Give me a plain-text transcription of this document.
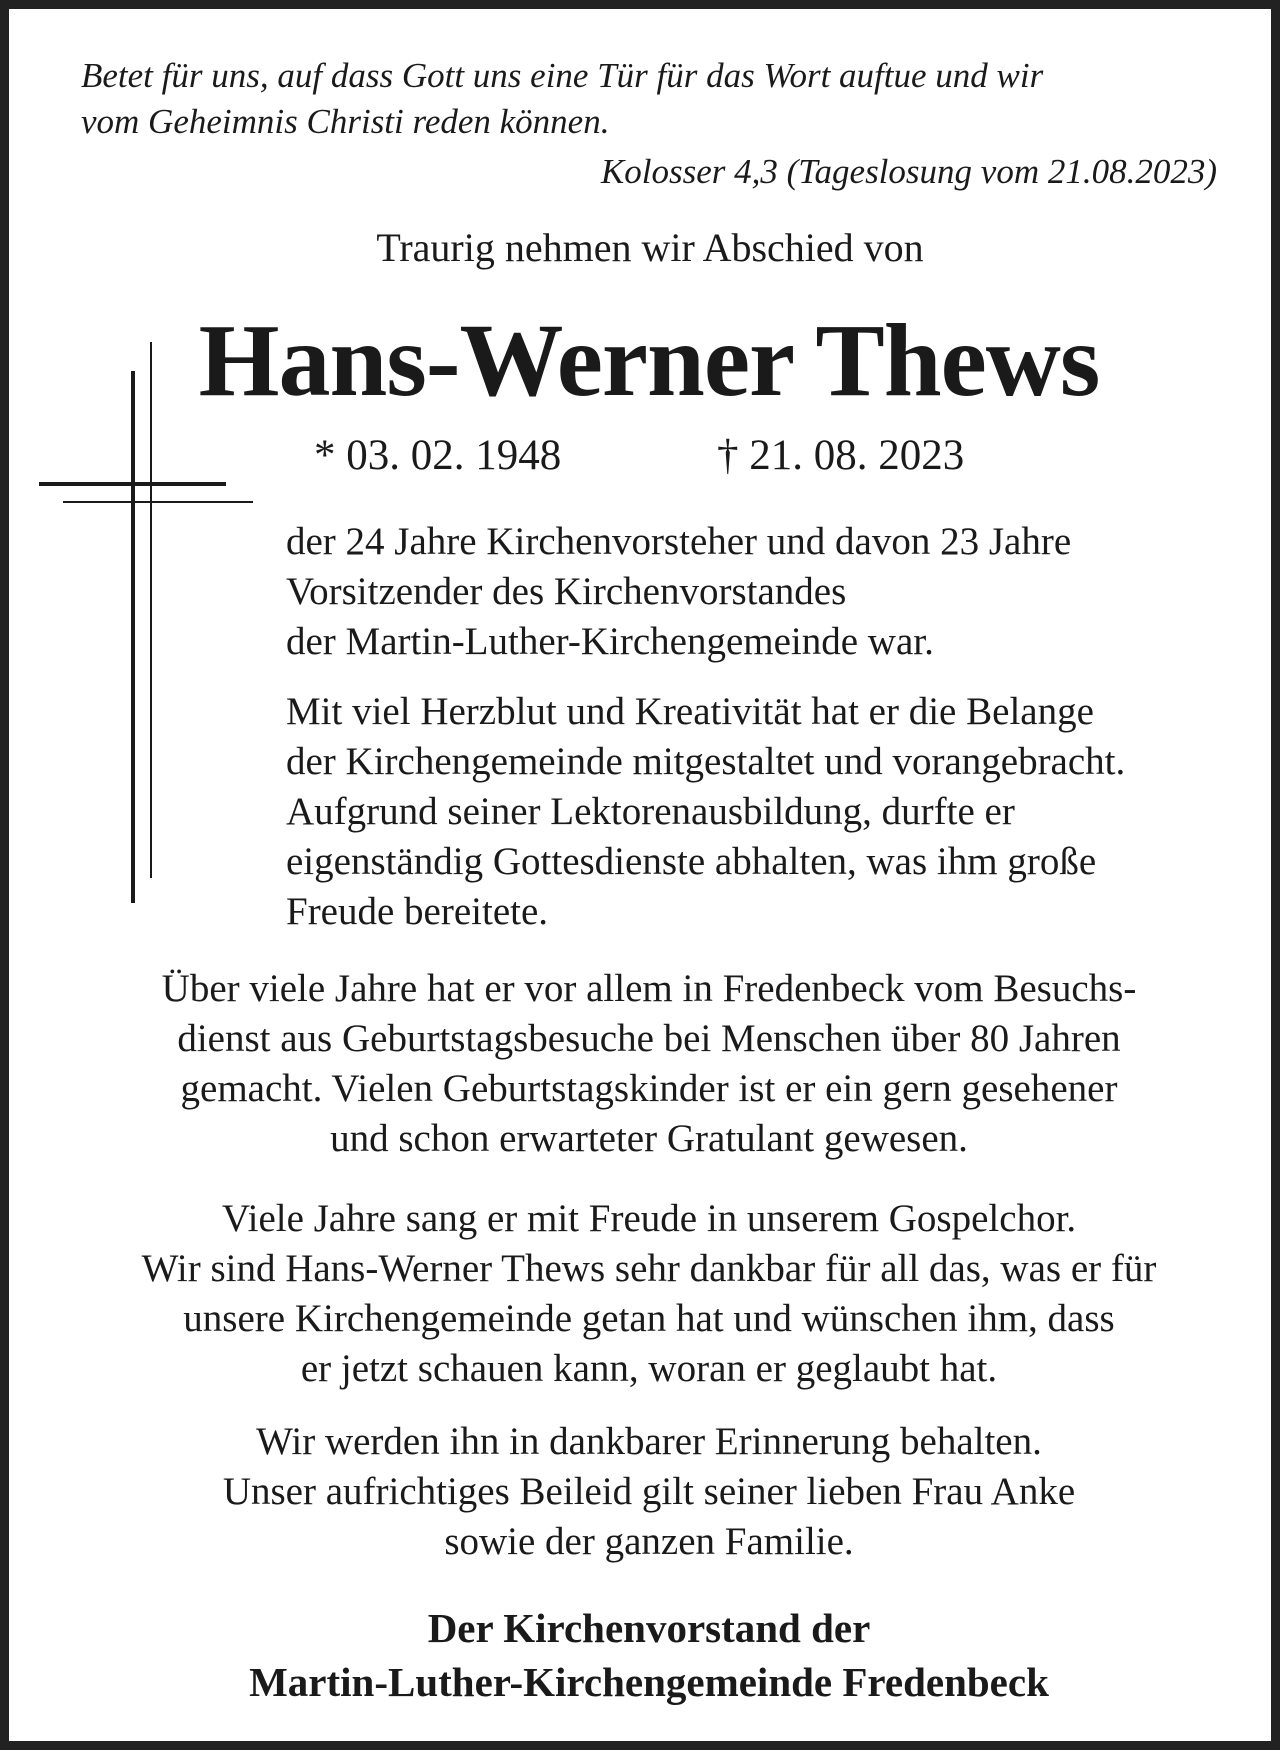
Betet für uns, auf dass Gott uns eine Tür für das Wort auftue und wir
vom Geheimnis Christi reden können.
Kolosser 4,3 (Tageslosung vom 21.08.2023)
Traurig nehmen wir Abschied von
Hans-Werner Thews
* 03. 02. 1948	† 21. 08. 2023
der 24 Jahre Kirchenvorsteher und davon 23 Jahre
Vorsitzender des Kirchenvorstandes
der Martin-Luther-Kirchengemeinde war.
Mit viel Herzblut und Kreativität hat er die Belange
der Kirchengemeinde mitgestaltet und vorangebracht.
Aufgrund seiner Lektorenausbildung, durfte er
eigenständig Gottesdienste abhalten, was ihm große
Freude bereitete.
Über viele Jahre hat er vor allem in Fredenbeck vom Besuchs-
dienst aus Geburtstagsbesuche bei Menschen über 80 Jahren
gemacht. Vielen Geburtstagskinder ist er ein gern gesehener
und schon erwarteter Gratulant gewesen.
Viele Jahre sang er mit Freude in unserem Gospelchor.
Wir sind Hans-Werner Thews sehr dankbar für all das, was er für
unsere Kirchengemeinde getan hat und wünschen ihm, dass
er jetzt schauen kann, woran er geglaubt hat.
Wir werden ihn in dankbarer Erinnerung behalten.
Unser aufrichtiges Beileid gilt seiner lieben Frau Anke
sowie der ganzen Familie.
Der Kirchenvorstand der
Martin-Luther-Kirchengemeinde Fredenbeck
